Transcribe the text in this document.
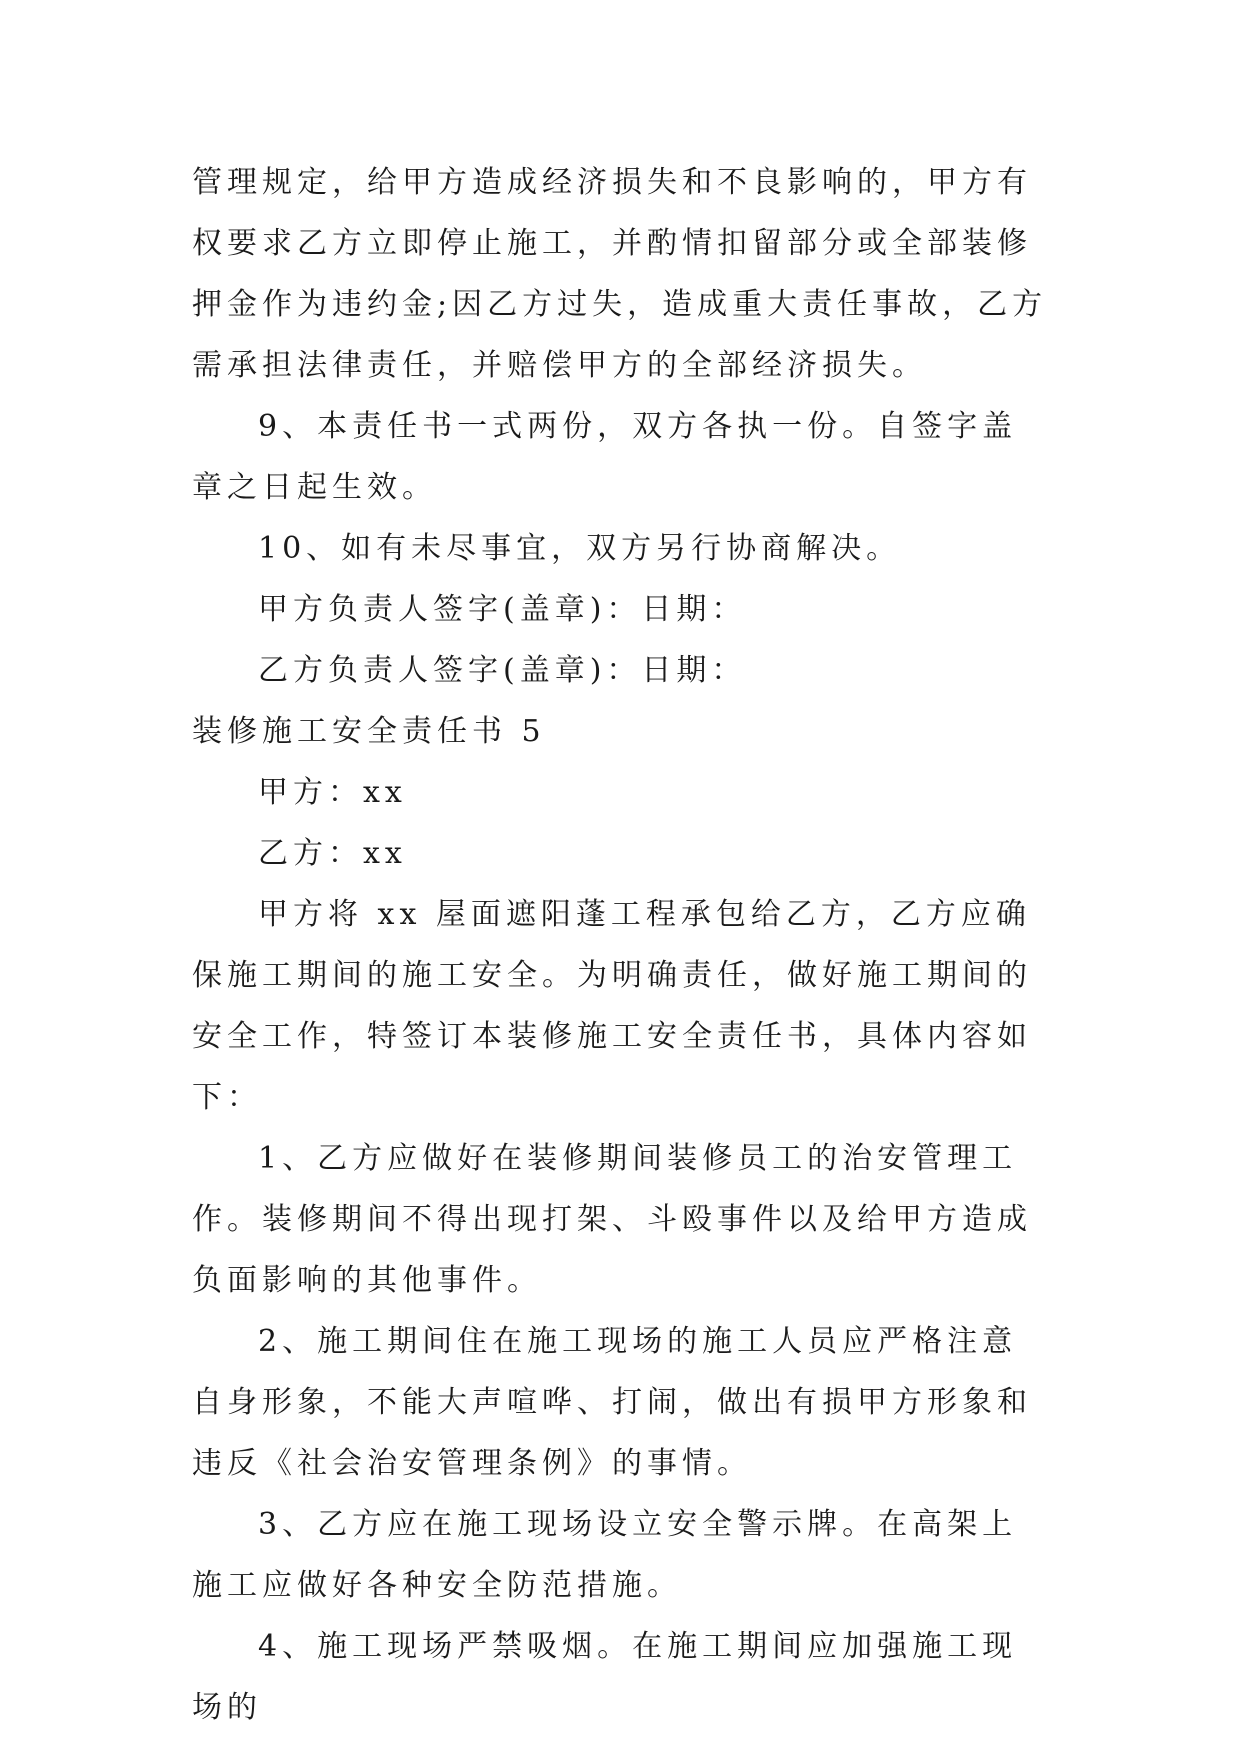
管理规定，给甲方造成经济损失和不良影响的，甲方有权要求乙方立即停止施工，并酌情扣留部分或全部装修押金作为违约金;因乙方过失，造成重大责任事故，乙方需承担法律责任，并赔偿甲方的全部经济损失。

9、本责任书一式两份，双方各执一份。自签字盖章之日起生效。

10、如有未尽事宜，双方另行协商解决。

甲方负责人签字(盖章)：日期：

乙方负责人签字(盖章)：日期：

装修施工安全责任书 5

甲方：xx

乙方：xx

甲方将 xx 屋面遮阳蓬工程承包给乙方，乙方应确保施工期间的施工安全。为明确责任，做好施工期间的安全工作，特签订本装修施工安全责任书，具体内容如下：

1、乙方应做好在装修期间装修员工的治安管理工作。装修期间不得出现打架、斗殴事件以及给甲方造成负面影响的其他事件。

2、施工期间住在施工现场的施工人员应严格注意自身形象，不能大声喧哗、打闹，做出有损甲方形象和违反《社会治安管理条例》的事情。

3、乙方应在施工现场设立安全警示牌。在高架上施工应做好各种安全防范措施。

4、施工现场严禁吸烟。在施工期间应加强施工现场的
